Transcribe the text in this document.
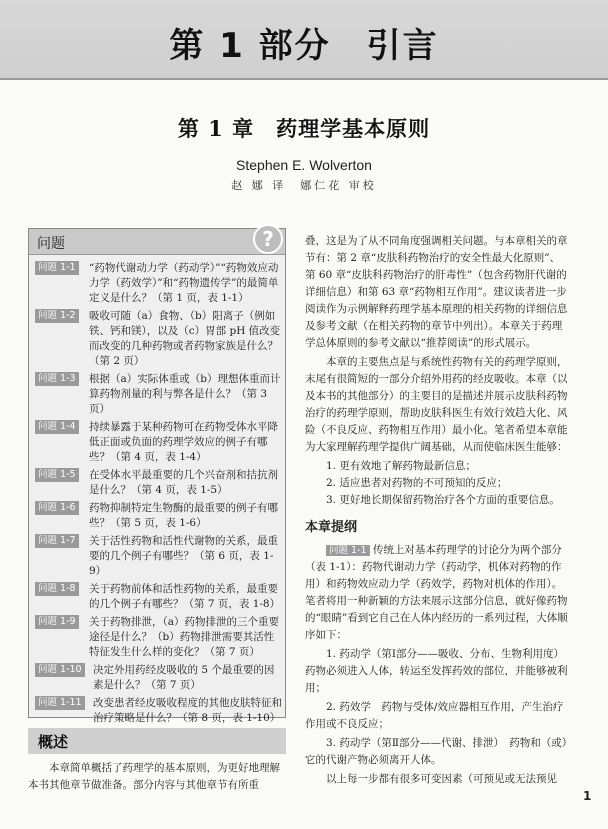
第 1 部分　引言
第 1 章　药理学基本原则
Stephen E. Wolverton
赵 娜 译　娜仁花 审校
问题	?
问题 1-1 “药物代谢动力学（药动学）”“药物效应动力学（药效学）”和“药物遗传学”的最简单定义是什么？（第 1 页，表 1-1）
问题 1-2 吸收可随（a）食物、（b）阳离子（例如铁、钙和镁），以及（c）胃部 pH 值改变而改变的几种药物或者药物家族是什么？（第 2 页）
问题 1-3 根据（a）实际体重或（b）理想体重而计算药物剂量的利与弊各是什么？（第 3 页）
问题 1-4 持续暴露于某种药物可在药物受体水平降低正面或负面的药理学效应的例子有哪些？（第 4 页，表 1-4）
问题 1-5 在受体水平最重要的几个兴奋剂和拮抗剂是什么？（第 4 页，表 1-5）
问题 1-6 药物抑制特定生物酶的最重要的例子有哪些？（第 5 页，表 1-6）
问题 1-7 关于活性药物和活性代谢物的关系，最重要的几个例子有哪些？（第 6 页，表 1-9）
问题 1-8 关于药物前体和活性药物的关系，最重要的几个例子有哪些？（第 7 页，表 1-8）
问题 1-9 关于药物排泄，（a）药物排泄的三个重要途径是什么？（b）药物排泄需要其活性特征发生什么样的变化？（第 7 页）
问题 1-10 决定外用药经皮吸收的 5 个最重要的因素是什么？（第 7 页）
问题 1-11 改变患者经皮吸收程度的其他皮肤特征和治疗策略是什么？（第 8 页，表 1-10）
概述
本章简单概括了药理学的基本原则，为更好地理解本书其他章节做准备。部分内容与其他章节有所重
叠，这是为了从不同角度强调相关问题。与本章相关的章节有：第 2 章“皮肤科药物治疗的安全性最大化原则”、第 60 章“皮肤科药物治疗的肝毒性”（包含药物肝代谢的详细信息）和第 63 章“药物相互作用”。建议读者进一步阅读作为示例解释药理学基本原理的相关药物的详细信息及参考文献（在相关药物的章节中列出）。本章关于药理学总体原则的参考文献以“推荐阅读”的形式展示。
本章的主要焦点是与系统性药物有关的药理学原则，末尾有很简短的一部分介绍外用药的经皮吸收。本章（以及本书的其他部分）的主要目的是描述并展示皮肤科药物治疗的药理学原则，帮助皮肤科医生有效行效趋大化、风险（不良反应、药物相互作用）最小化。笔者希望本章能为大家理解药理学提供广阔基础，从而使临床医生能够：
1. 更有效地了解药物最新信息；
2. 适应患者对药物的不可预知的反应；
3. 更好地长期保留药物治疗各个方面的重要信息。
本章提纲
问题 1-1 传统上对基本药理学的讨论分为两个部分（表 1-1）：药物代谢动力学（药动学，机体对药物的作用）和药物效应动力学（药效学，药物对机体的作用）。笔者将用一种新颖的方法来展示这部分信息，就好像药物的“眼睛”看到它自己在人体内经历的一系列过程，大体顺序如下：
1. 药动学（第Ⅰ部分——吸收、分布、生物利用度）　药物必须进入人体，转运至发挥药效的部位，并能够被利用；
2. 药效学　药物与受体/效应器相互作用，产生治疗作用或不良反应；
3. 药动学（第Ⅱ部分——代谢、排泄）　药物和（或）它的代谢产物必须离开人体。
以上每一步都有很多可变因素（可预见或无法预见
1
